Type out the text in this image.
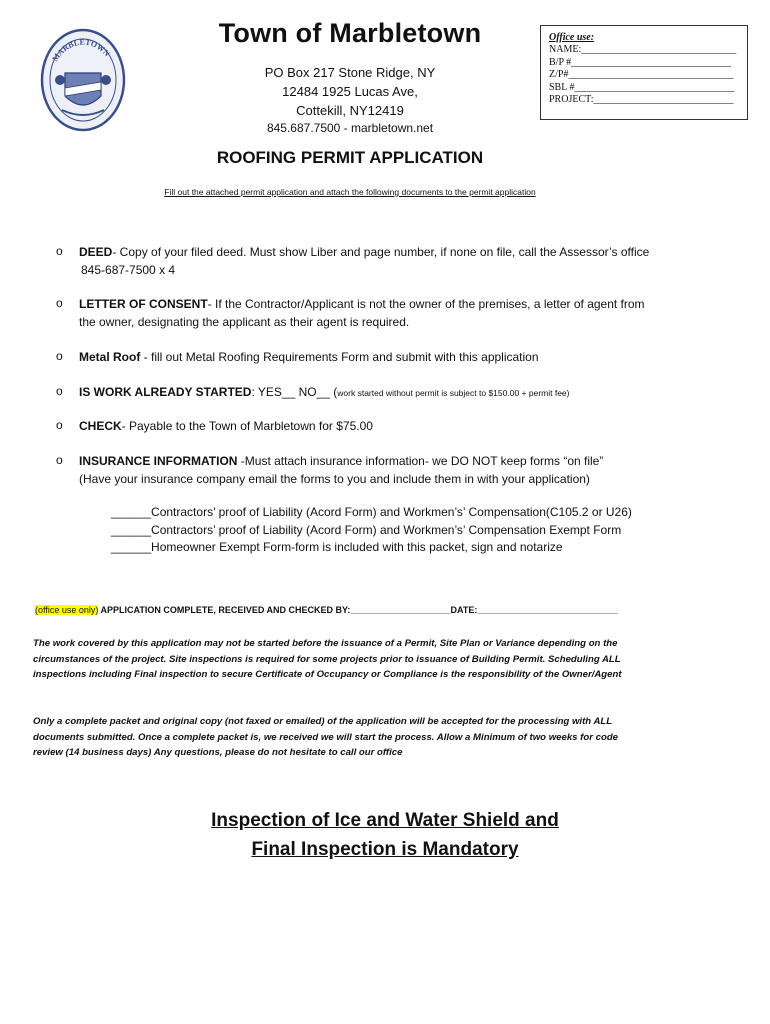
MARBLETOWN
Town of Marbletown
PO Box 217 Stone Ridge, NY
12484 1925 Lucas Ave,
Cottekill, NY12419
845.687.7500 - marbletown.net
Office use:
NAME:_______________________________
B/P #________________________________
Z/P#_________________________________
SBL #________________________________
PROJECT:____________________________
ROOFING PERMIT APPLICATION
Fill out the attached permit application and attach the following documents to the permit application
o DEED- Copy of your filed deed. Must show Liber and page number, if none on file, call the Assessor’s office
845-687-7500 x 4
o LETTER OF CONSENT- If the Contractor/Applicant is not the owner of the premises, a letter of agent from
the owner, designating the applicant as their agent is required.
o Metal Roof - fill out Metal Roofing Requirements Form and submit with this application
o IS WORK ALREADY STARTED: YES__ NO__ (work started without permit is subject to $150.00 + permit fee)
o CHECK- Payable to the Town of Marbletown for $75.00
o INSURANCE INFORMATION -Must attach insurance information- we DO NOT keep forms “on file”
(Have your insurance company email the forms to you and include them in with your application)
______Contractors’ proof of Liability (Acord Form) and Workmen’s’ Compensation(C105.2 or U26)
______Contractors’ proof of Liability (Acord Form) and Workmen’s’ Compensation Exempt Form
______Homeowner Exempt Form-form is included with this packet, sign and notarize
(office use only) APPLICATION COMPLETE, RECEIVED AND CHECKED BY:____________________DATE:____________________________
The work covered by this application may not be started before the issuance of a Permit, Site Plan or Variance depending on the
circumstances of the project. Site inspections is required for some projects prior to issuance of Building Permit. Scheduling ALL
inspections including Final inspection to secure Certificate of Occupancy or Compliance is the responsibility of the Owner/Agent
Only a complete packet and original copy (not faxed or emailed) of the application will be accepted for the processing with ALL
documents submitted. Once a complete packet is, we received we will start the process. Allow a Minimum of two weeks for code
review (14 business days) Any questions, please do not hesitate to call our office
Inspection of Ice and Water Shield and
Final Inspection is Mandatory
